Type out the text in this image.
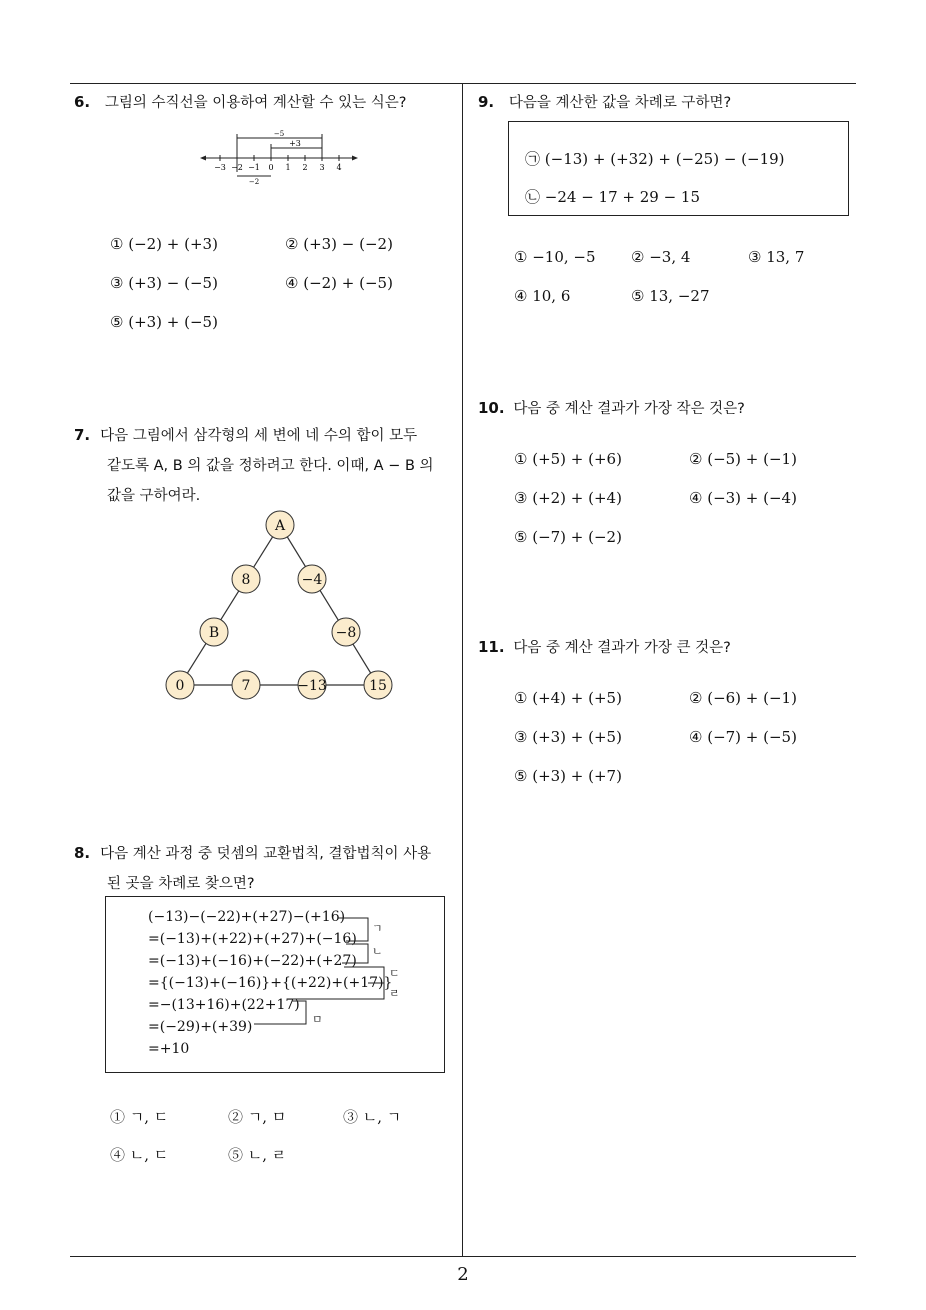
2
6. 그림의 수직선을 이용하여 계산할 수 있는 식은?
−5
+3
−2
−3 −2 −1 0 1 2 3 4
① (−2) + (+3)	② (+3) − (−2)
③ (+3) − (−5)	④ (−2) + (−5)
⑤ (+3) + (−5)
7. 다음 그림에서 삼각형의 세 변에 네 수의 합이 모두
같도록 A, B 의 값을 정하려고 한다. 이때, A − B 의
값을 구하여라.
A
8	−4
B	−8
0	7	−13	15
8. 다음 계산 과정 중 덧셈의 교환법칙, 결합법칙이 사용
된 곳을 차례로 찾으면?
(−13)−(−22)+(+27)−(+16)
=(−13)+(+22)+(+27)+(−16)
=(−13)+(−16)+(−22)+(+27)
={(−13)+(−16)}+{(+22)+(+17)}
=−(13+16)+(22+17)
=(−29)+(+39)
=+10
ㄱ
ㄴ
ㄷ
ㄹ
ㅁ
① ㄱ, ㄷ	② ㄱ, ㅁ	③ ㄴ, ㄱ
④ ㄴ, ㄷ	⑤ ㄴ, ㄹ
9. 다음을 계산한 값을 차례로 구하면?
㉠ (−13) + (+32) + (−25) − (−19)
㉡ −24 − 17 + 29 − 15
① −10, −5 ② −3, 4	③ 13, 7
④ 10, 6	⑤ 13, −27
10. 다음 중 계산 결과가 가장 작은 것은?
① (+5) + (+6)	② (−5) + (−1)
③ (+2) + (+4)	④ (−3) + (−4)
⑤ (−7) + (−2)
11. 다음 중 계산 결과가 가장 큰 것은?
① (+4) + (+5)	② (−6) + (−1)
③ (+3) + (+5)	④ (−7) + (−5)
⑤ (+3) + (+7)
